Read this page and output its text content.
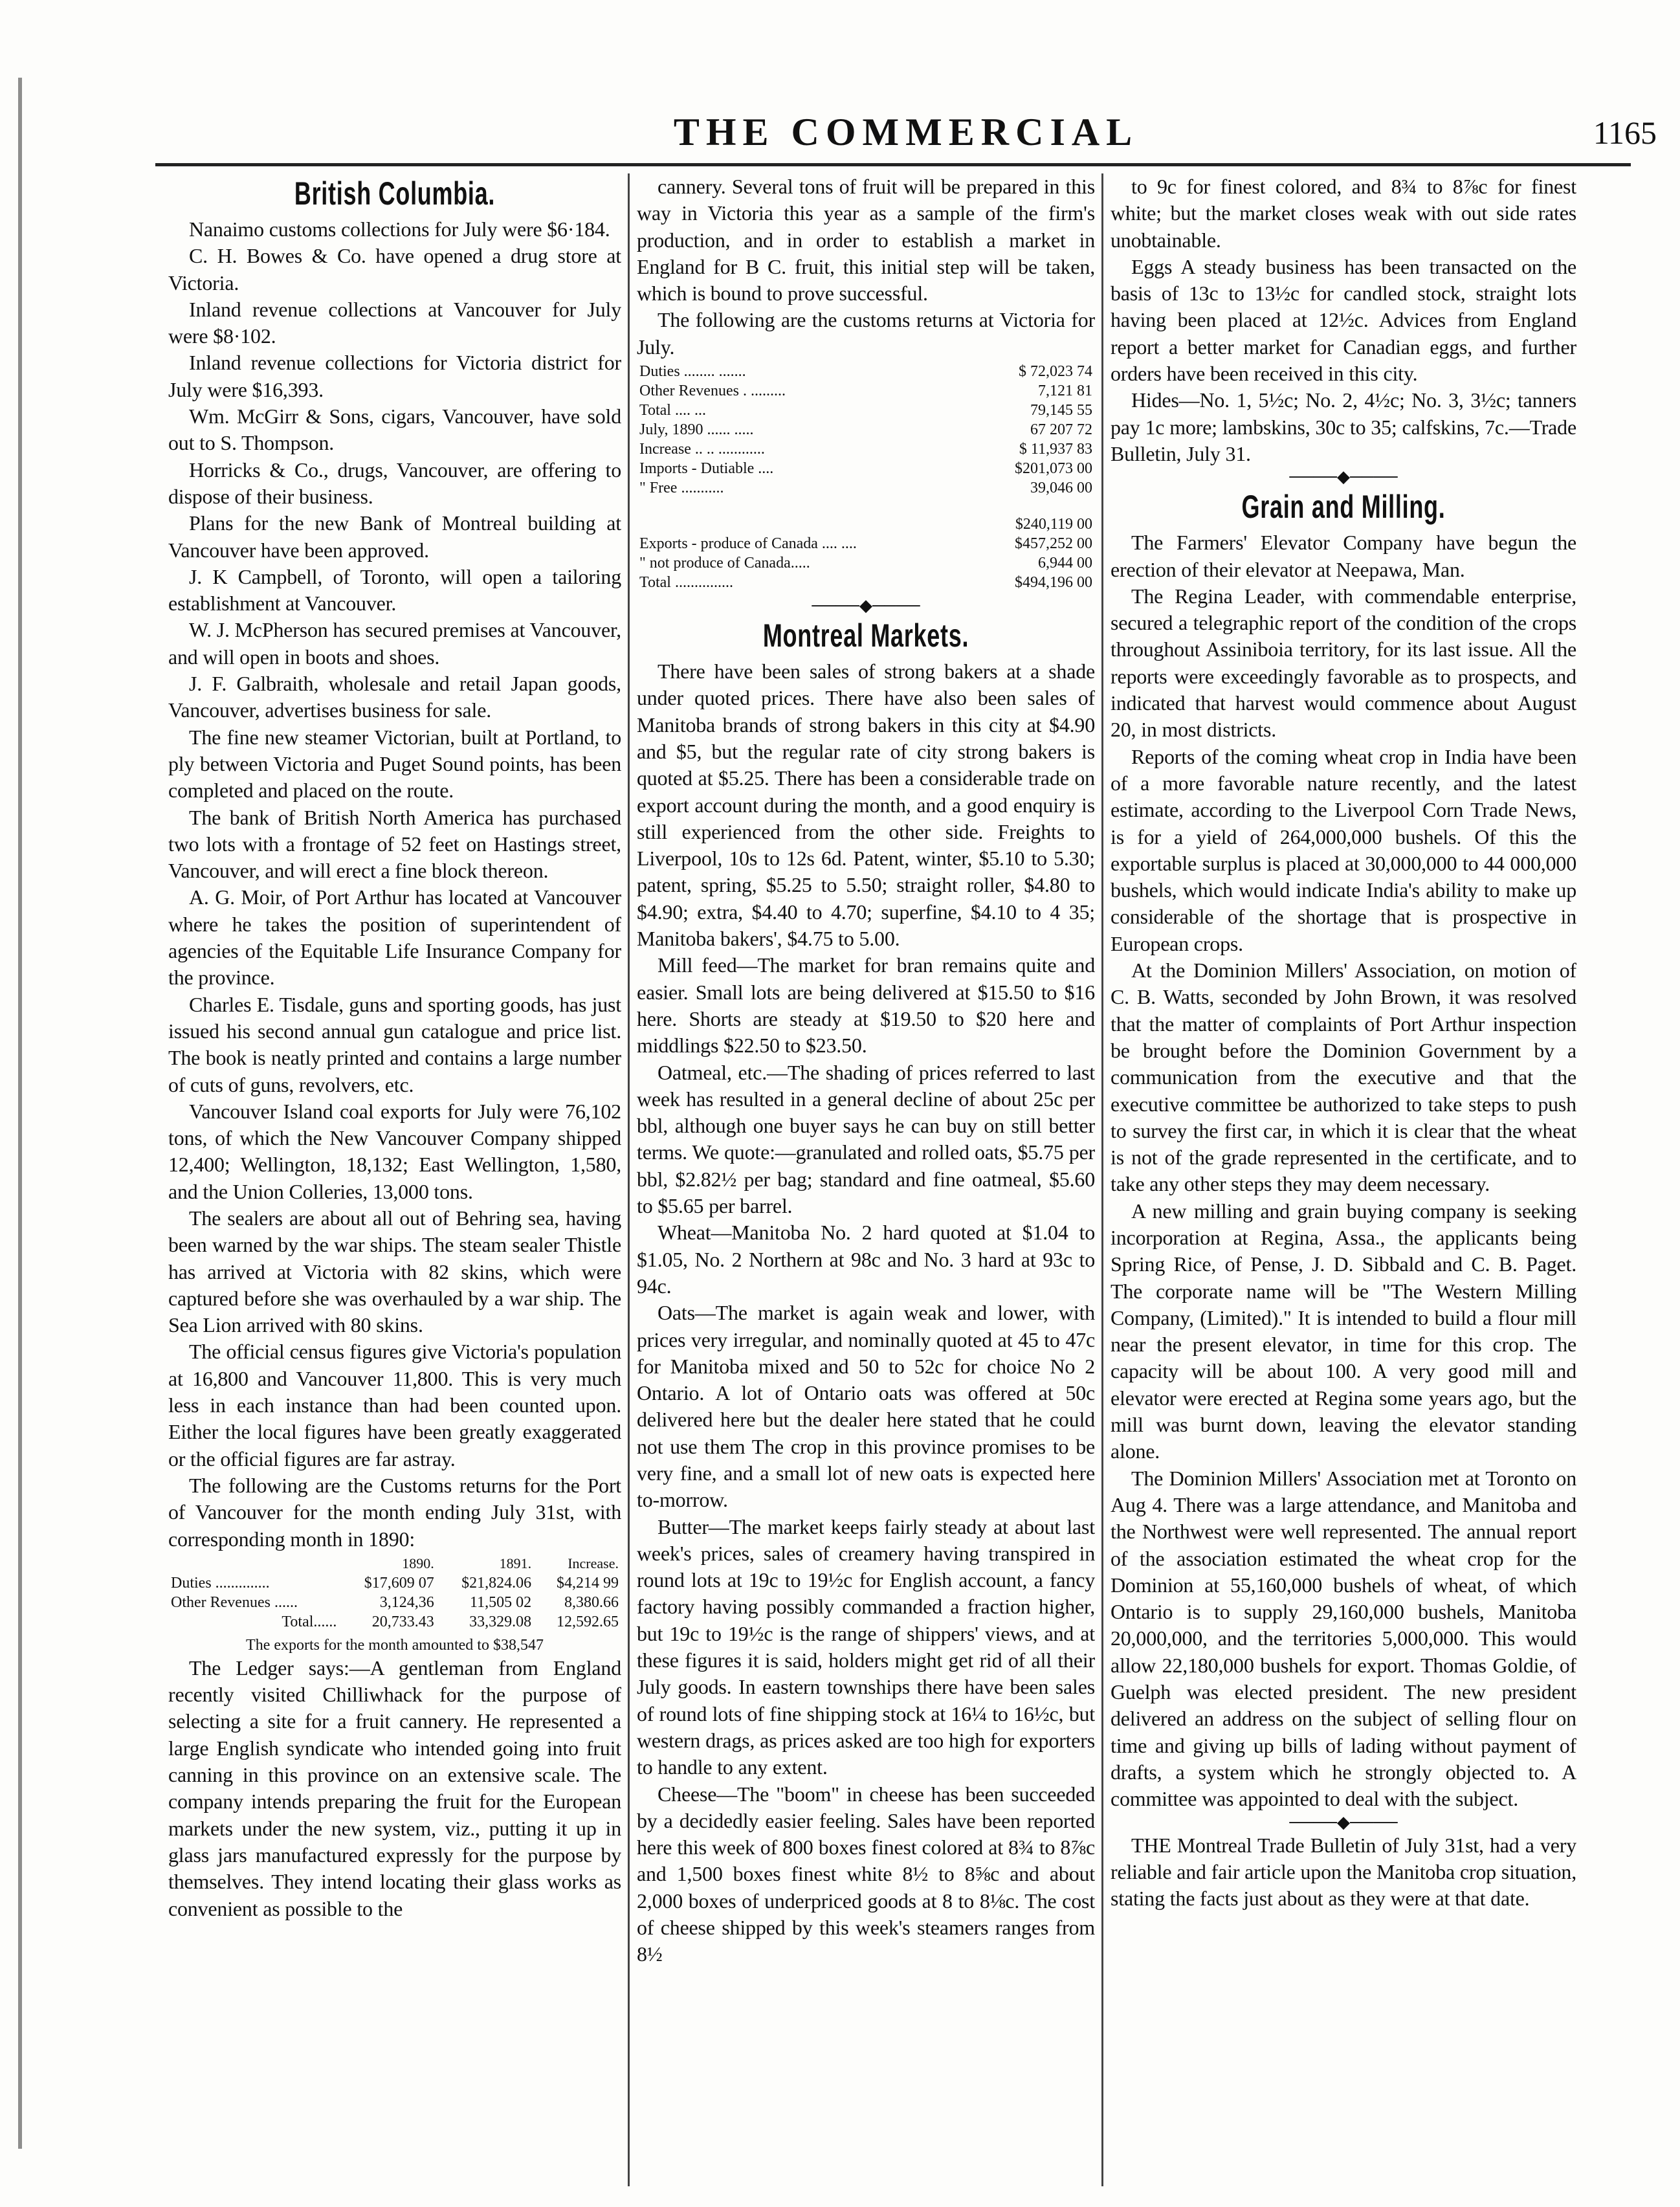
THE COMMERCIAL	1165
British Columbia.

Nanaimo customs collections for July were $6·184.

C. H. Bowes & Co. have opened a drug store at Victoria.

Inland revenue collections at Vancouver for July were $8·102.

Inland revenue collections for Victoria district for July were $16,393.

Wm. McGirr & Sons, cigars, Vancouver, have sold out to S. Thompson.

Horricks & Co., drugs, Vancouver, are offering to dispose of their business.

Plans for the new Bank of Montreal building at Vancouver have been approved.

J. K Campbell, of Toronto, will open a tailoring establishment at Vancouver.

W. J. McPherson has secured premises at Vancouver, and will open in boots and shoes.

J. F. Galbraith, wholesale and retail Japan goods, Vancouver, advertises business for sale.

The fine new steamer Victorian, built at Portland, to ply between Victoria and Puget Sound points, has been completed and placed on the route.

The bank of British North America has purchased two lots with a frontage of 52 feet on Hastings street, Vancouver, and will erect a fine block thereon.

A. G. Moir, of Port Arthur has located at Vancouver where he takes the position of superintendent of agencies of the Equitable Life Insurance Company for the province.

Charles E. Tisdale, guns and sporting goods, has just issued his second annual gun catalogue and price list. The book is neatly printed and contains a large number of cuts of guns, revolvers, etc.

Vancouver Island coal exports for July were 76,102 tons, of which the New Vancouver Company shipped 12,400; Wellington, 18,132; East Wellington, 1,580, and the Union Colleries, 13,000 tons.

The sealers are about all out of Behring sea, having been warned by the war ships. The steam sealer Thistle has arrived at Victoria with 82 skins, which were captured before she was overhauled by a war ship. The Sea Lion arrived with 80 skins.

The official census figures give Victoria's population at 16,800 and Vancouver 11,800. This is very much less in each instance than had been counted upon. Either the local figures have been greatly exaggerated or the official figures are far astray.

The following are the Customs returns for the Port of Vancouver for the month ending July 31st, with corresponding month in 1890:

	1890.	1891.	Increase.
Duties ..............	$17,609 07	$21,824.06	$4,214 99
Other Revenues ......	3,124,36	11,505 02	8,380.66
Total......	20,733.43	33,329.08	12,592.65
The exports for the month amounted to $38,547

The Ledger says:—A gentleman from England recently visited Chilliwhack for the purpose of selecting a site for a fruit cannery. He represented a large English syndicate who intended going into fruit canning in this province on an extensive scale. The company intends preparing the fruit for the European markets under the new system, viz., putting it up in glass jars manufactured expressly for the purpose by themselves. They intend locating their glass works as convenient as possible to the

cannery. Several tons of fruit will be prepared in this way in Victoria this year as a sample of the firm's production, and in order to establish a market in England for B C. fruit, this initial step will be taken, which is bound to prove successful.

The following are the customs returns at Victoria for July.

Duties ........ .......	$ 72,023 74
Other Revenues . .........	7,121 81
Total .... ...	79,145 55
July, 1890 ...... .....	67 207 72
Increase .. .. ............	$ 11,937 83
Imports - Dutiable ....	$201,073 00
" Free ...........	39,046 00

	$240,119 00
Exports - produce of Canada .... ....	$457,252 00
" not produce of Canada.....	6,944 00
Total ...............	$494,196 00
────◆────
Montreal Markets.

There have been sales of strong bakers at a shade under quoted prices. There have also been sales of Manitoba brands of strong bakers in this city at $4.90 and $5, but the regular rate of city strong bakers is quoted at $5.25. There has been a considerable trade on export account during the month, and a good enquiry is still experienced from the other side. Freights to Liverpool, 10s to 12s 6d. Patent, winter, $5.10 to 5.30; patent, spring, $5.25 to 5.50; straight roller, $4.80 to $4.90; extra, $4.40 to 4.70; superfine, $4.10 to 4 35; Manitoba bakers', $4.75 to 5.00.

Mill feed—The market for bran remains quite and easier. Small lots are being delivered at $15.50 to $16 here. Shorts are steady at $19.50 to $20 here and middlings $22.50 to $23.50.

Oatmeal, etc.—The shading of prices referred to last week has resulted in a general decline of about 25c per bbl, although one buyer says he can buy on still better terms. We quote:—granulated and rolled oats, $5.75 per bbl, $2.82½ per bag; standard and fine oatmeal, $5.60 to $5.65 per barrel.

Wheat—Manitoba No. 2 hard quoted at $1.04 to $1.05, No. 2 Northern at 98c and No. 3 hard at 93c to 94c.

Oats—The market is again weak and lower, with prices very irregular, and nominally quoted at 45 to 47c for Manitoba mixed and 50 to 52c for choice No 2 Ontario. A lot of Ontario oats was offered at 50c delivered here but the dealer here stated that he could not use them The crop in this province promises to be very fine, and a small lot of new oats is expected here to-morrow.

Butter—The market keeps fairly steady at about last week's prices, sales of creamery having transpired in round lots at 19c to 19½c for English account, a fancy factory having possibly commanded a fraction higher, but 19c to 19½c is the range of shippers' views, and at these figures it is said, holders might get rid of all their July goods. In eastern townships there have been sales of round lots of fine shipping stock at 16¼ to 16½c, but western drags, as prices asked are too high for exporters to handle to any extent.

Cheese—The "boom" in cheese has been succeeded by a decidedly easier feeling. Sales have been reported here this week of 800 boxes finest colored at 8¾ to 8⅞c and 1,500 boxes finest white 8½ to 8⅝c and about 2,000 boxes of underpriced goods at 8 to 8⅛c. The cost of cheese shipped by this week's steamers ranges from 8½

to 9c for finest colored, and 8¾ to 8⅞c for finest white; but the market closes weak with out side rates unobtainable.

Eggs A steady business has been transacted on the basis of 13c to 13½c for candled stock, straight lots having been placed at 12½c. Advices from England report a better market for Canadian eggs, and further orders have been received in this city.

Hides—No. 1, 5½c; No. 2, 4½c; No. 3, 3½c; tanners pay 1c more; lambskins, 30c to 35; calfskins, 7c.—Trade Bulletin, July 31.

────◆────
Grain and Milling.

The Farmers' Elevator Company have begun the erection of their elevator at Neepawa, Man.

The Regina Leader, with commendable enterprise, secured a telegraphic report of the condition of the crops throughout Assiniboia territory, for its last issue. All the reports were exceedingly favorable as to prospects, and indicated that harvest would commence about August 20, in most districts.

Reports of the coming wheat crop in India have been of a more favorable nature recently, and the latest estimate, according to the Liverpool Corn Trade News, is for a yield of 264,000,000 bushels. Of this the exportable surplus is placed at 30,000,000 to 44 000,000 bushels, which would indicate India's ability to make up considerable of the shortage that is prospective in European crops.

At the Dominion Millers' Association, on motion of C. B. Watts, seconded by John Brown, it was resolved that the matter of complaints of Port Arthur inspection be brought before the Dominion Government by a communication from the executive and that the executive committee be authorized to take steps to push to survey the first car, in which it is clear that the wheat is not of the grade represented in the certificate, and to take any other steps they may deem necessary.

A new milling and grain buying company is seeking incorporation at Regina, Assa., the applicants being Spring Rice, of Pense, J. D. Sibbald and C. B. Paget. The corporate name will be "The Western Milling Company, (Limited)." It is intended to build a flour mill near the present elevator, in time for this crop. The capacity will be about 100. A very good mill and elevator were erected at Regina some years ago, but the mill was burnt down, leaving the elevator standing alone.

The Dominion Millers' Association met at Toronto on Aug 4. There was a large attendance, and Manitoba and the Northwest were well represented. The annual report of the association estimated the wheat crop for the Dominion at 55,160,000 bushels of wheat, of which Ontario is to supply 29,160,000 bushels, Manitoba 20,000,000, and the territories 5,000,000. This would allow 22,180,000 bushels for export. Thomas Goldie, of Guelph was elected president. The new president delivered an address on the subject of selling flour on time and giving up bills of lading without payment of drafts, a system which he strongly objected to. A committee was appointed to deal with the subject.

────◆────

THE Montreal Trade Bulletin of July 31st, had a very reliable and fair article upon the Manitoba crop situation, stating the facts just about as they were at that date.
